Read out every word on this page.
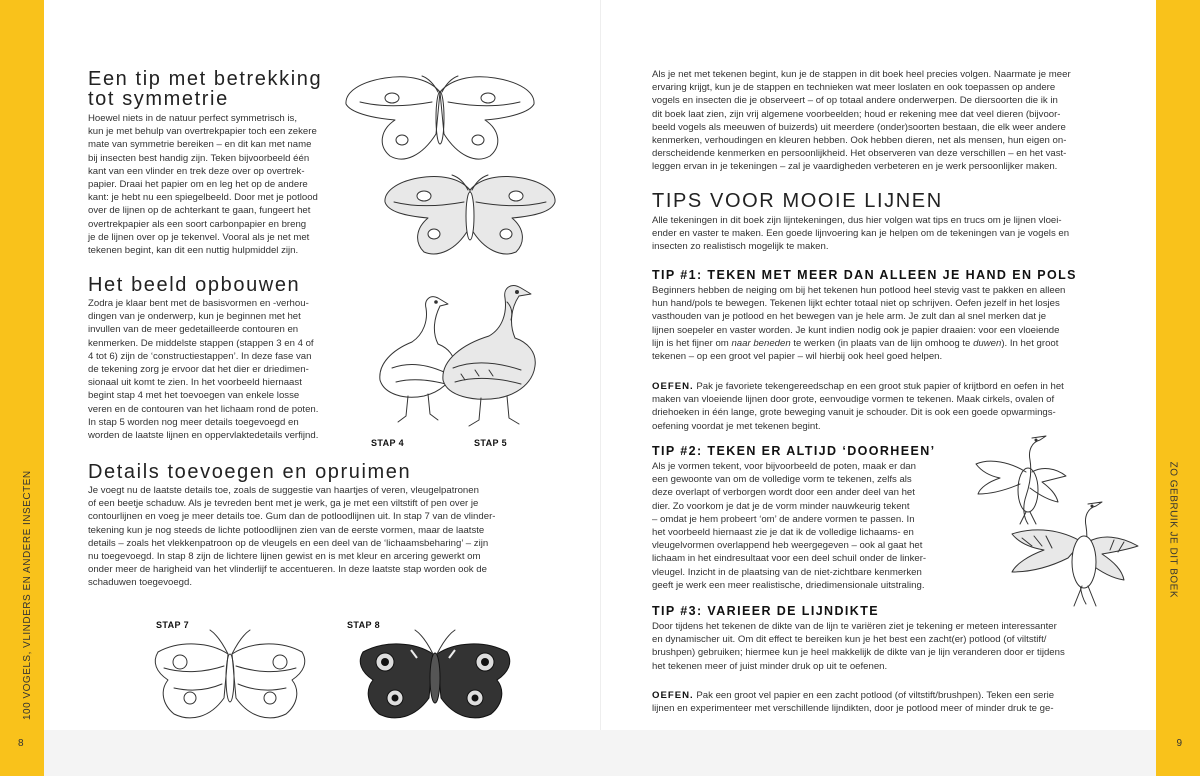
100 VOGELS, VLINDERS EN ANDERE INSECTEN	ZO GEBRUIK JE DIT BOEK
8	9
Een tip met betrekking
tot symmetrie
Hoewel niets in de natuur perfect symmetrisch is,
kun je met behulp van overtrekpapier toch een zekere
mate van symmetrie bereiken – en dit kan met name
bij insecten best handig zijn. Teken bijvoorbeeld één
kant van een vlinder en trek deze over op overtrek-
papier. Draai het papier om en leg het op de andere
kant: je hebt nu een spiegelbeeld. Door met je potlood
over de lijnen op de achterkant te gaan, fungeert het
overtrekpapier als een soort carbonpapier en breng
je de lijnen over op je tekenvel. Vooral als je net met
tekenen begint, kan dit een nuttig hulpmiddel zijn.
Het beeld opbouwen
Zodra je klaar bent met de basisvormen en -verhou-
dingen van je onderwerp, kun je beginnen met het
invullen van de meer gedetailleerde contouren en
kenmerken. De middelste stappen (stappen 3 en 4 of
4 tot 6) zijn de ‘constructiestappen’. In deze fase van
de tekening zorg je ervoor dat het dier er driedimen-
sionaal uit komt te zien. In het voorbeeld hiernaast
begint stap 4 met het toevoegen van enkele losse
veren en de contouren van het lichaam rond de poten.
In stap 5 worden nog meer details toegevoegd en
worden de laatste lijnen en oppervlaktedetails verfijnd.
STAP 4	STAP 5
Details toevoegen en opruimen
Je voegt nu de laatste details toe, zoals de suggestie van haartjes of veren, vleugelpatronen
of een beetje schaduw. Als je tevreden bent met je werk, ga je met een viltstift of pen over je
contourlijnen en voeg je meer details toe. Gum dan de potloodlijnen uit. In stap 7 van de vlinder-
tekening kun je nog steeds de lichte potloodlijnen zien van de eerste vormen, maar de laatste
details – zoals het vlekkenpatroon op de vleugels en een deel van de ‘lichaamsbeharing’ – zijn
nu toegevoegd. In stap 8 zijn de lichtere lijnen gewist en is met kleur en arcering gewerkt om
onder meer de harigheid van het vlinderlijf te accentueren. In deze laatste stap worden ook de
schaduwen toegevoegd.
STAP 7	STAP 8
Als je net met tekenen begint, kun je de stappen in dit boek heel precies volgen. Naarmate je meer
ervaring krijgt, kun je de stappen en technieken wat meer loslaten en ook toepassen op andere
vogels en insecten die je observeert – of op totaal andere onderwerpen. De diersoorten die ik in
dit boek laat zien, zijn vrij algemene voorbeelden; houd er rekening mee dat veel dieren (bijvoor-
beeld vogels als meeuwen of buizerds) uit meerdere (onder)soorten bestaan, die elk weer andere
kenmerken, verhoudingen en kleuren hebben. Ook hebben dieren, net als mensen, hun eigen on-
derscheidende kenmerken en persoonlijkheid. Het observeren van deze verschillen – en het vast-
leggen ervan in je tekeningen – zal je vaardigheden verbeteren en je werk persoonlijker maken.
TIPS VOOR MOOIE LIJNEN
Alle tekeningen in dit boek zijn lijntekeningen, dus hier volgen wat tips en trucs om je lijnen vloei-
ender en vaster te maken. Een goede lijnvoering kan je helpen om de tekeningen van je vogels en
insecten zo realistisch mogelijk te maken.
TIP #1: TEKEN MET MEER DAN ALLEEN JE HAND EN POLS
Beginners hebben de neiging om bij het tekenen hun potlood heel stevig vast te pakken en alleen
hun hand/pols te bewegen. Tekenen lijkt echter totaal niet op schrijven. Oefen jezelf in het losjes
vasthouden van je potlood en het bewegen van je hele arm. Je zult dan al snel merken dat je
lijnen soepeler en vaster worden. Je kunt indien nodig ook je papier draaien: voor een vloeiende
lijn is het fijner om naar beneden te werken (in plaats van de lijn omhoog te duwen). In het groot
tekenen – op een groot vel papier – wil hierbij ook heel goed helpen.
OEFEN. Pak je favoriete tekengereedschap en een groot stuk papier of krijtbord en oefen in het
maken van vloeiende lijnen door grote, eenvoudige vormen te tekenen. Maak cirkels, ovalen of
driehoeken in één lange, grote beweging vanuit je schouder. Dit is ook een goede opwarmings-
oefening voordat je met tekenen begint.
TIP #2: TEKEN ER ALTIJD ‘DOORHEEN’
Als je vormen tekent, voor bijvoorbeeld de poten, maak er dan
een gewoonte van om de volledige vorm te tekenen, zelfs als
deze overlapt of verborgen wordt door een ander deel van het
dier. Zo voorkom je dat je de vorm minder nauwkeurig tekent
– omdat je hem probeert ‘om’ de andere vormen te passen. In
het voorbeeld hiernaast zie je dat ik de volledige lichaams- en
vleugelvormen overlappend heb weergegeven – ook al gaat het
lichaam in het eindresultaat voor een deel schuil onder de linker-
vleugel. Inzicht in de plaatsing van de niet-zichtbare kenmerken
geeft je werk een meer realistische, driedimensionale uitstraling.
TIP #3: VARIEER DE LIJNDIKTE
Door tijdens het tekenen de dikte van de lijn te variëren ziet je tekening er meteen interessanter
en dynamischer uit. Om dit effect te bereiken kun je het best een zacht(er) potlood (of viltstift/
brushpen) gebruiken; hiermee kun je heel makkelijk de dikte van je lijn veranderen door er tijdens
het tekenen meer of juist minder druk op uit te oefenen.
OEFEN. Pak een groot vel papier en een zacht potlood (of viltstift/brushpen). Teken een serie
lijnen en experimenteer met verschillende lijndikten, door je potlood meer of minder druk te ge-
